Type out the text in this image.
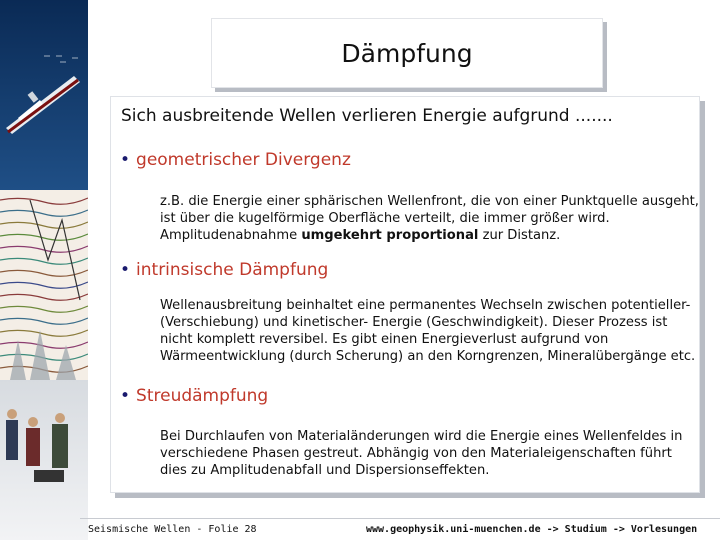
Dämpfung
Sich ausbreitende Wellen verlieren Energie aufgrund .......
• geometrischer Divergenz
z.B. die Energie einer sphärischen Wellenfront, die von einer Punktquelle ausgeht,
ist über die kugelförmige Oberfläche verteilt, die immer größer wird.
Amplitudenabnahme umgekehrt proportional zur Distanz.
• intrinsische Dämpfung
Wellenausbreitung beinhaltet eine permanentes Wechseln zwischen potentieller-
(Verschiebung) und kinetischer- Energie (Geschwindigkeit). Dieser Prozess ist
nicht komplett reversibel. Es gibt einen Energieverlust aufgrund von
Wärmeentwicklung (durch Scherung) an den Korngrenzen, Mineralübergänge etc.
• Streudämpfung
Bei Durchlaufen von Materialänderungen wird die Energie eines Wellenfeldes in
verschiedene Phasen gestreut. Abhängig von den Materialeigenschaften führt
dies zu Amplitudenabfall und Dispersionseffekten.
Seismische Wellen - Folie 28	www.geophysik.uni-muenchen.de -> Studium -> Vorlesungen
